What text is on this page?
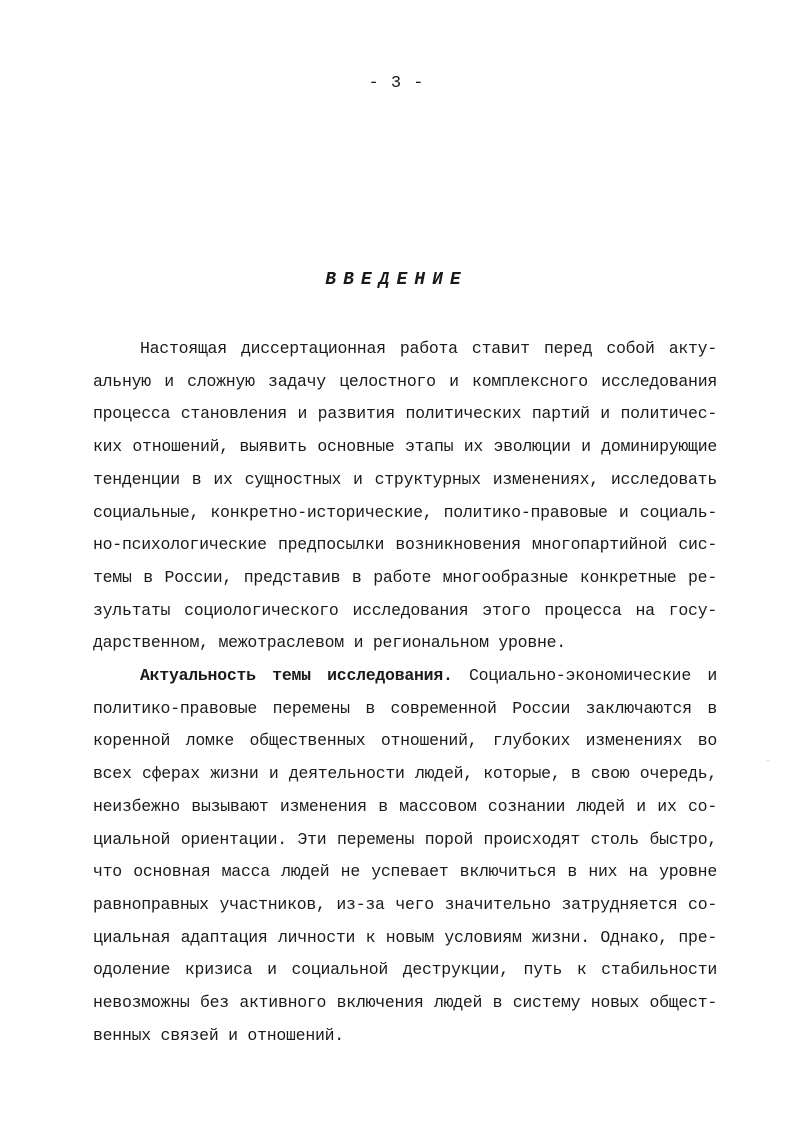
- 3 -
ВВЕДЕНИЕ
Настоящая диссертационная работа ставит перед собой акту-
альную и сложную задачу целостного и комплексного исследования
процесса становления и развития политических партий и политичес-
ких отношений, выявить основные этапы их эволюции и доминирующие
тенденции в их сущностных и структурных изменениях, исследовать
социальные, конкретно-исторические, политико-правовые и социаль-
но-психологические предпосылки возникновения многопартийной сис-
темы в России, представив в работе многообразные конкретные ре-
зультаты социологического исследования этого процесса на госу-
дарственном, межотраслевом и региональном уровне.
Актуальность темы исследования. Социально-экономические и
политико-правовые перемены в современной России заключаются в
коренной ломке общественных отношений, глубоких изменениях во
всех сферах жизни и деятельности людей, которые, в свою очередь,
неизбежно вызывают изменения в массовом сознании людей и их со-
циальной ориентации. Эти перемены порой происходят столь быстро,
что основная масса людей не успевает включиться в них на уровне
равноправных участников, из-за чего значительно затрудняется со-
циальная адаптация личности к новым условиям жизни. Однако, пре-
одоление кризиса и социальной деструкции, путь к стабильности
невозможны без активного включения людей в систему новых общест-
венных связей и отношений.
